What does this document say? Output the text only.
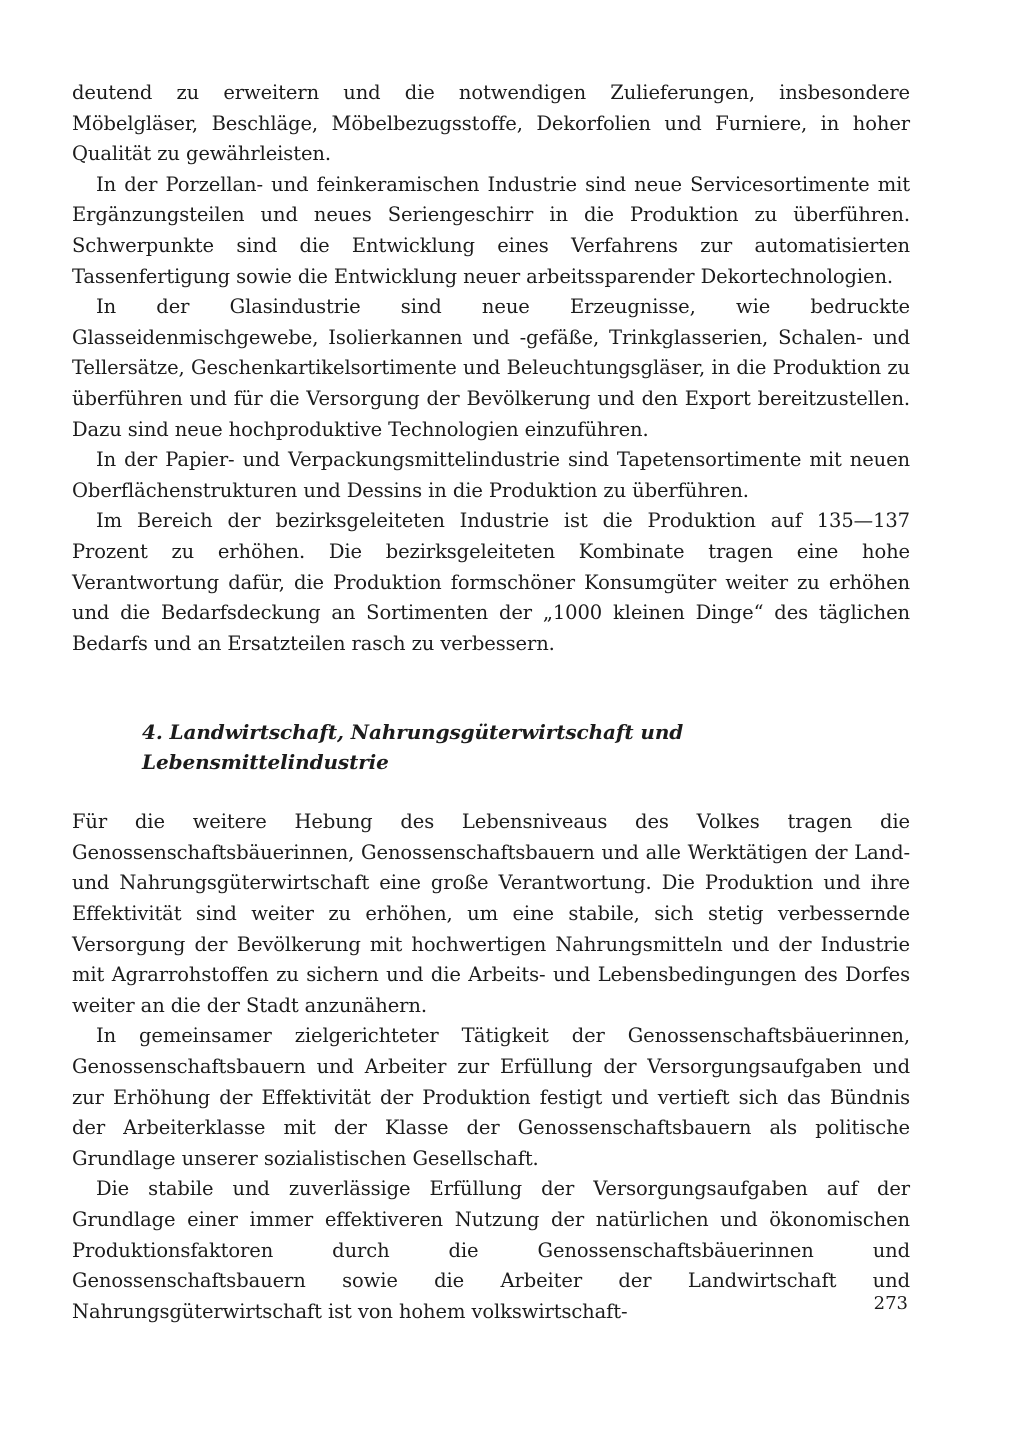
deutend zu erweitern und die notwendigen Zulieferungen, insbesondere Möbelgläser, Beschläge, Möbelbezugsstoffe, Dekorfolien und Furniere, in hoher Qualität zu gewährleisten.

In der Porzellan- und feinkeramischen Industrie sind neue Servicesortimente mit Ergänzungsteilen und neues Seriengeschirr in die Produktion zu überführen. Schwerpunkte sind die Entwicklung eines Verfahrens zur automatisierten Tassenfertigung sowie die Entwicklung neuer arbeitssparender Dekortechnologien.

In der Glasindustrie sind neue Erzeugnisse, wie bedruckte Glasseidenmischgewebe, Isolierkannen und -gefäße, Trinkglasserien, Schalen- und Tellersätze, Geschenkartikelsortimente und Beleuchtungsgläser, in die Produktion zu überführen und für die Versorgung der Bevölkerung und den Export bereitzustellen. Dazu sind neue hochproduktive Technologien einzuführen.

In der Papier- und Verpackungsmittelindustrie sind Tapetensortimente mit neuen Oberflächenstrukturen und Dessins in die Produktion zu überführen.

Im Bereich der bezirksgeleiteten Industrie ist die Produktion auf 135—137 Prozent zu erhöhen. Die bezirksgeleiteten Kombinate tragen eine hohe Verantwortung dafür, die Produktion formschöner Konsumgüter weiter zu erhöhen und die Bedarfsdeckung an Sortimenten der „1000 kleinen Dinge“ des täglichen Bedarfs und an Ersatzteilen rasch zu verbessern.

4. Landwirtschaft, Nahrungsgüterwirtschaft und Lebensmittelindustrie

Für die weitere Hebung des Lebensniveaus des Volkes tragen die Genossenschaftsbäuerinnen, Genossenschaftsbauern und alle Werktätigen der Land- und Nahrungsgüterwirtschaft eine große Verantwortung. Die Produktion und ihre Effektivität sind weiter zu erhöhen, um eine stabile, sich stetig verbessernde Versorgung der Bevölkerung mit hochwertigen Nahrungsmitteln und der Industrie mit Agrarrohstoffen zu sichern und die Arbeits- und Lebensbedingungen des Dorfes weiter an die der Stadt anzunähern.

In gemeinsamer zielgerichteter Tätigkeit der Genossenschaftsbäuerinnen, Genossenschaftsbauern und Arbeiter zur Erfüllung der Versorgungsaufgaben und zur Erhöhung der Effektivität der Produktion festigt und vertieft sich das Bündnis der Arbeiterklasse mit der Klasse der Genossenschaftsbauern als politische Grundlage unserer sozialistischen Gesellschaft.

Die stabile und zuverlässige Erfüllung der Versorgungsaufgaben auf der Grundlage einer immer effektiveren Nutzung der natürlichen und ökonomischen Produktionsfaktoren durch die Genossenschaftsbäuerinnen und Genossenschaftsbauern sowie die Arbeiter der Landwirtschaft und Nahrungsgüterwirtschaft ist von hohem volkswirtschaft-	273
